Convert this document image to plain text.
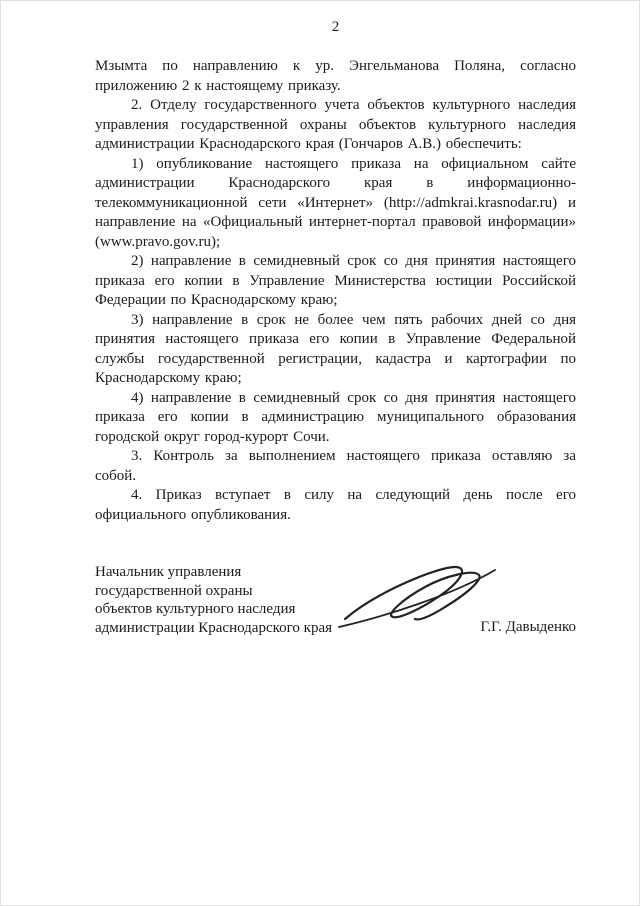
2

Мзымта по направлению к ур. Энгельманова Поляна, согласно приложению 2 к настоящему приказу.

2. Отделу государственного учета объектов культурного наследия управления государственной охраны объектов культурного наследия администрации Краснодарского края (Гончаров А.В.) обеспечить:

1) опубликование настоящего приказа на официальном сайте администрации Краснодарского края в информационно-телекоммуникационной сети «Интернет» (http://admkrai.krasnodar.ru) и направление на «Официальный интернет-портал правовой информации» (www.pravo.gov.ru);

2) направление в семидневный срок со дня принятия настоящего приказа его копии в Управление Министерства юстиции Российской Федерации по Краснодарскому краю;

3) направление в срок не более чем пять рабочих дней со дня принятия настоящего приказа его копии в Управление Федеральной службы государственной регистрации, кадастра и картографии по Краснодарскому краю;

4) направление в семидневный срок со дня принятия настоящего приказа его копии в администрацию муниципального образования городской округ город-курорт Сочи.

3. Контроль за выполнением настоящего приказа оставляю за собой.

4. Приказ вступает в силу на следующий день после его официального опубликования.

Начальник управления
государственной охраны
объектов культурного наследия
администрации Краснодарского края	Г.Г. Давыденко
